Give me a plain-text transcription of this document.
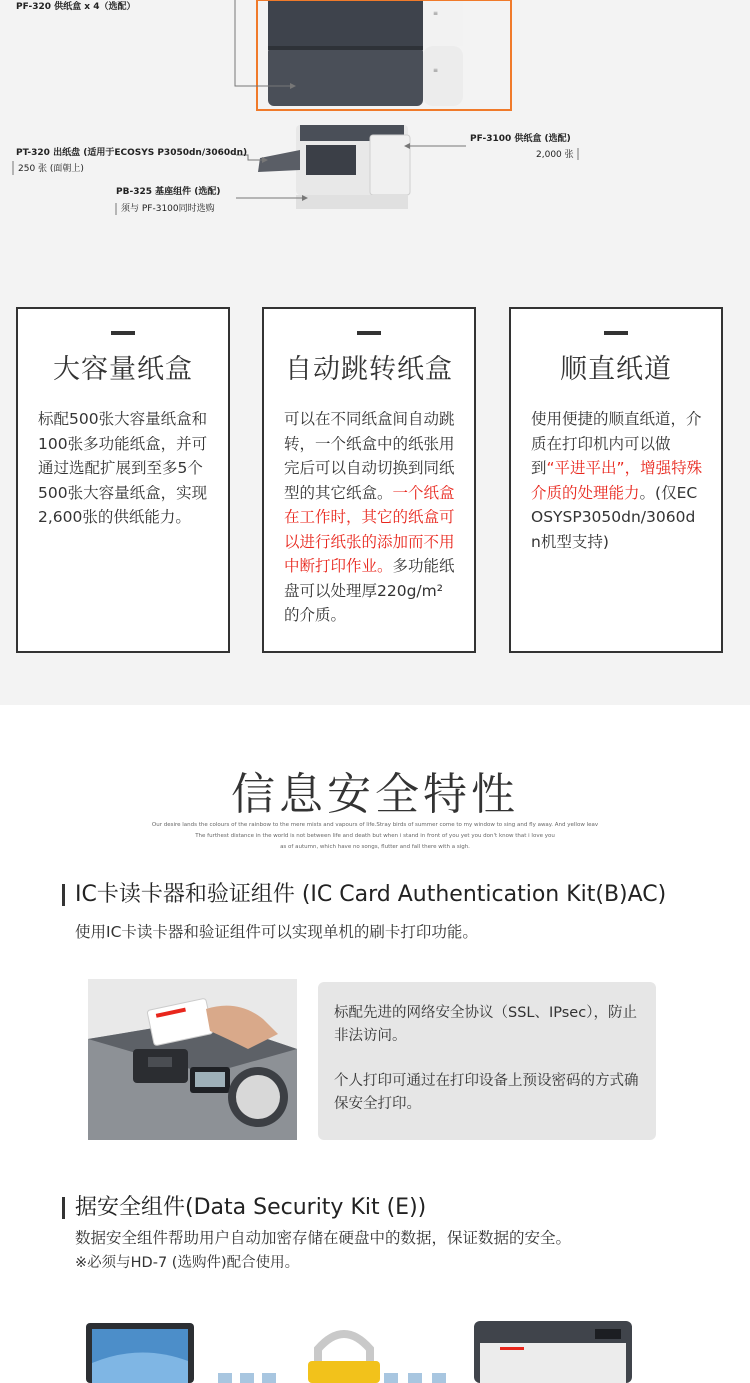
≡
≡
PF-320 供纸盒 x 4（选配）
PT-320 出纸盘 (适用于ECOSYS P3050dn/3060dn)
250 张 (面朝上)
PF-3100 供纸盒 (选配)
2,000 张
PB-325 基座组件 (选配)
须与 PF-3100同时选购
大容量纸盒
标配500张大容量纸盒和100张多功能纸盒，并可通过选配扩展到至多5个500张大容量纸盒，实现2,600张的供纸能力。
自动跳转纸盒
可以在不同纸盒间自动跳转，一个纸盒中的纸张用完后可以自动切换到同纸型的其它纸盒。一个纸盒在工作时，其它的纸盒可以进行纸张的添加而不用中断打印作业。多功能纸盘可以处理厚220g/m²的介质。
顺直纸道
使用便捷的顺直纸道，介质在打印机内可以做到“平进平出”，增强特殊介质的处理能力。(仅ECOSYSP3050dn/3060dn机型支持)
信息安全特性
Our desire lands the colours of the rainbow to the mere mists and vapours of life.Stray birds of summer come to my window to sing and fly away. And yellow leav
The furthest distance in the world is not between life and death but when i stand in front of you yet you don't know that i love you
as of autumn, which have no songs, flutter and fall there with a sigh.
IC卡读卡器和验证组件 (IC Card Authentication Kit(B)AC)
使用IC卡读卡器和验证组件可以实现单机的刷卡打印功能。

标配先进的网络安全协议（SSL、IPsec），防止非法访问。

个人打印可通过在打印设备上预设密码的方式确保安全打印。

据安全组件(Data Security Kit (E))
数据安全组件帮助用户自动加密存储在硬盘中的数据，保证数据的安全。
※必须与HD-7 (选购件)配合使用。
